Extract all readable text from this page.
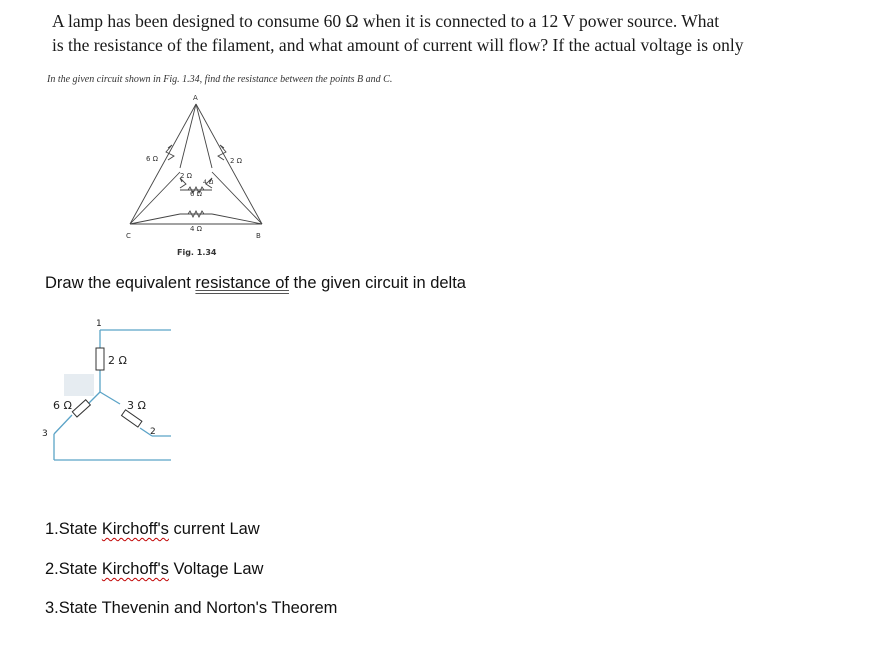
A lamp has been designed to consume 60 Ω when it is connected to a 12 V power source. What
is the resistance of the filament, and what amount of current will flow? If the actual voltage is only
In the given circuit shown in Fig. 1.34, find the resistance between the points B and C.
A
C	B
6 Ω	2 Ω
2 Ω
4 Ω
6 Ω
4 Ω
Fig. 1.34
Draw the equivalent resistance of the given circuit in delta
1
2
3
2 Ω
6 Ω	3 Ω
1.State Kirchoff's current Law
2.State Kirchoff's Voltage Law
3.State Thevenin and Norton's Theorem
